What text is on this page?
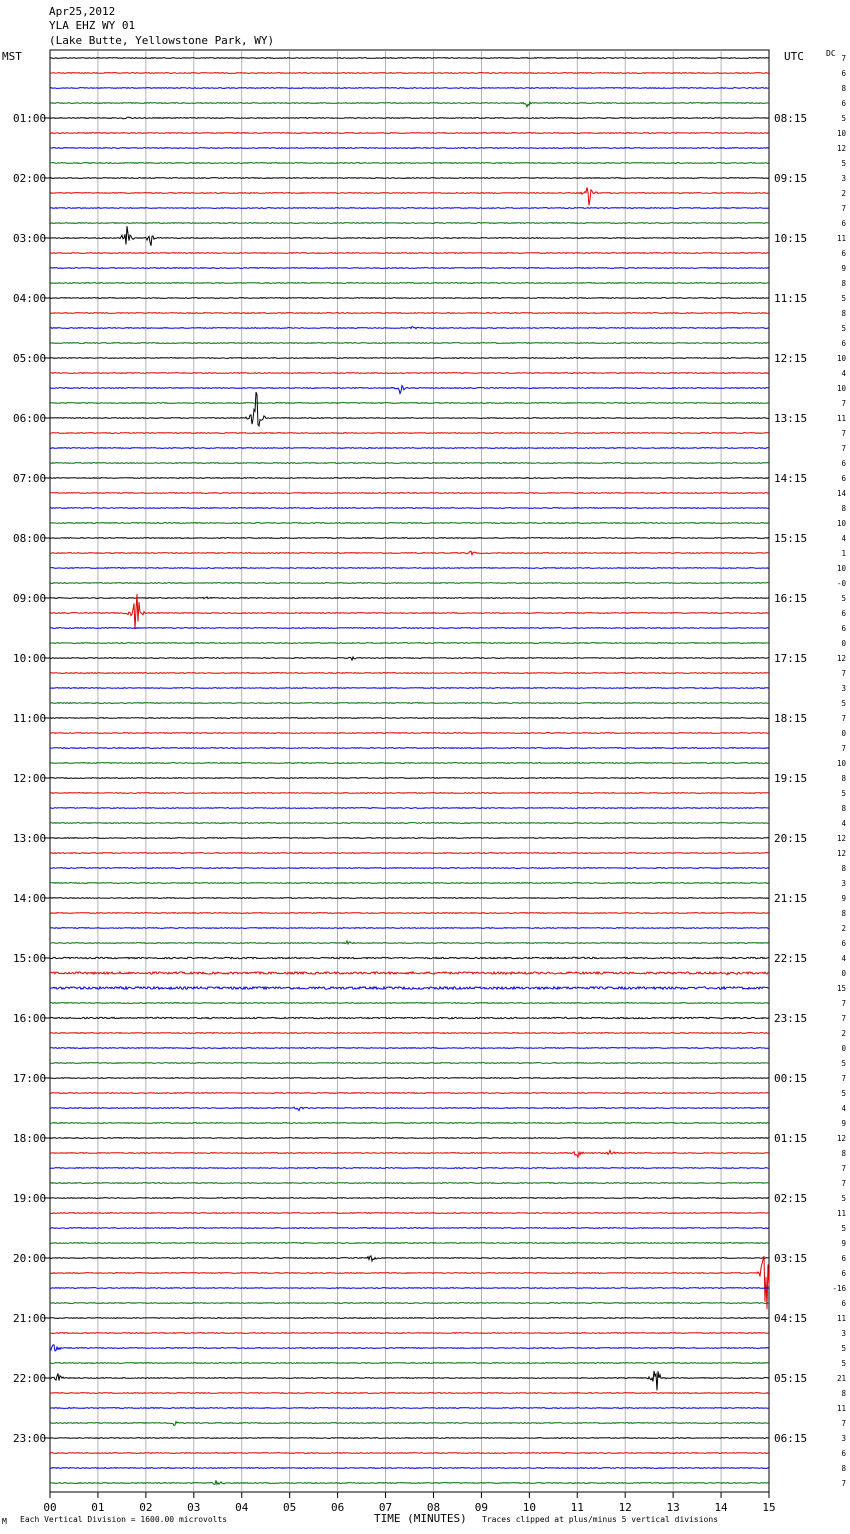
Apr25,2012
YLA EHZ WY 01
(Lake Butte, Yellowstone Park, WY)
MST	UTC	DC
00	01	02	03	04	05	06	07	08	09	10	11	12	13	14	15
01:00
02:00
03:00
04:00
05:00
06:00
07:00
08:00
09:00
10:00
11:00
12:00
13:00
14:00
15:00
16:00
17:00
18:00
19:00
20:00
21:00
22:00
23:00
08:15
09:15
10:15
11:15
12:15
13:15
14:15
15:15
16:15
17:15
18:15
19:15
20:15
21:15
22:15
23:15
00:15
01:15
02:15
03:15
04:15
05:15
06:15
7
6
8
6
5
10
12
5
3
2
7
6
11
6
9
8
5
8
5
6
10
4
10
7
11
7
7
6
6
14
8
10
4
1
10
-0
5
6
6
0
12
7
3
5
7
0
7
10
8
5
8
4
12
12
8
3
9
8
2
6
4
0
15
7
7
2
0
5
7
5
4
9
12
8
7
7
5
11
5
9
6
6
-16
6
11
3
5
5
21
8
11
7
3
6
8
7
M Each Vertical Division = 1600.00 microvolts	TIME (MINUTES) Traces clipped at plus/minus 5 vertical divisions
